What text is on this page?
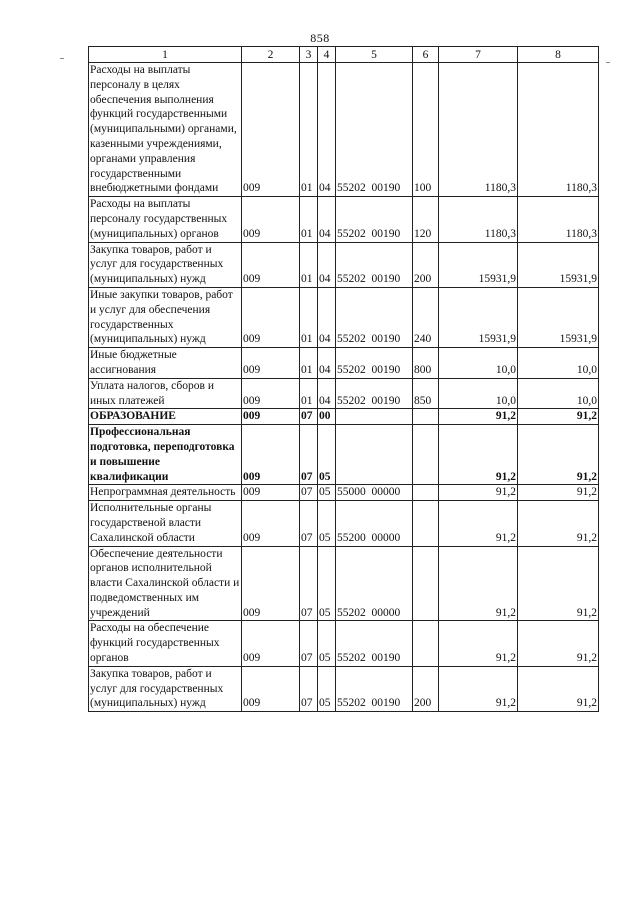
858
1	2	3	4	5	6	7	8
Расходы на выплаты персоналу в целях обеспечения выполнения функций государственными (муниципальными) органами, казенными учреждениями, органами управления государственными внебюджетными фондами	009	01	04	55202  00190	100	1180,3	1180,3
Расходы на выплаты персоналу государственных (муниципальных) органов	009	01	04	55202  00190	120	1180,3	1180,3
Закупка товаров, работ и услуг для государственных (муниципальных) нужд	009	01	04	55202  00190	200	15931,9	15931,9
Иные закупки товаров, работ и услуг для обеспечения государственных (муниципальных) нужд	009	01	04	55202  00190	240	15931,9	15931,9
Иные бюджетные ассигнования	009	01	04	55202  00190	800	10,0	10,0
Уплата налогов, сборов и иных платежей	009	01	04	55202  00190	850	10,0	10,0
ОБРАЗОВАНИЕ	009	07	00			91,2	91,2
Профессиональная подготовка, переподготовка и повышение квалификации	009	07	05			91,2	91,2
Непрограммная деятельность	009	07	05	55000  00000		91,2	91,2
Исполнительные органы государственой власти Сахалинской области	009	07	05	55200  00000		91,2	91,2
Обеспечение деятельности органов исполнительной власти Сахалинской области и подведомственных им учреждений	009	07	05	55202  00000		91,2	91,2
Расходы на обеспечение функций государственных органов	009	07	05	55202  00190		91,2	91,2
Закупка товаров, работ и услуг для государственных (муниципальных) нужд	009	07	05	55202  00190	200	91,2	91,2
